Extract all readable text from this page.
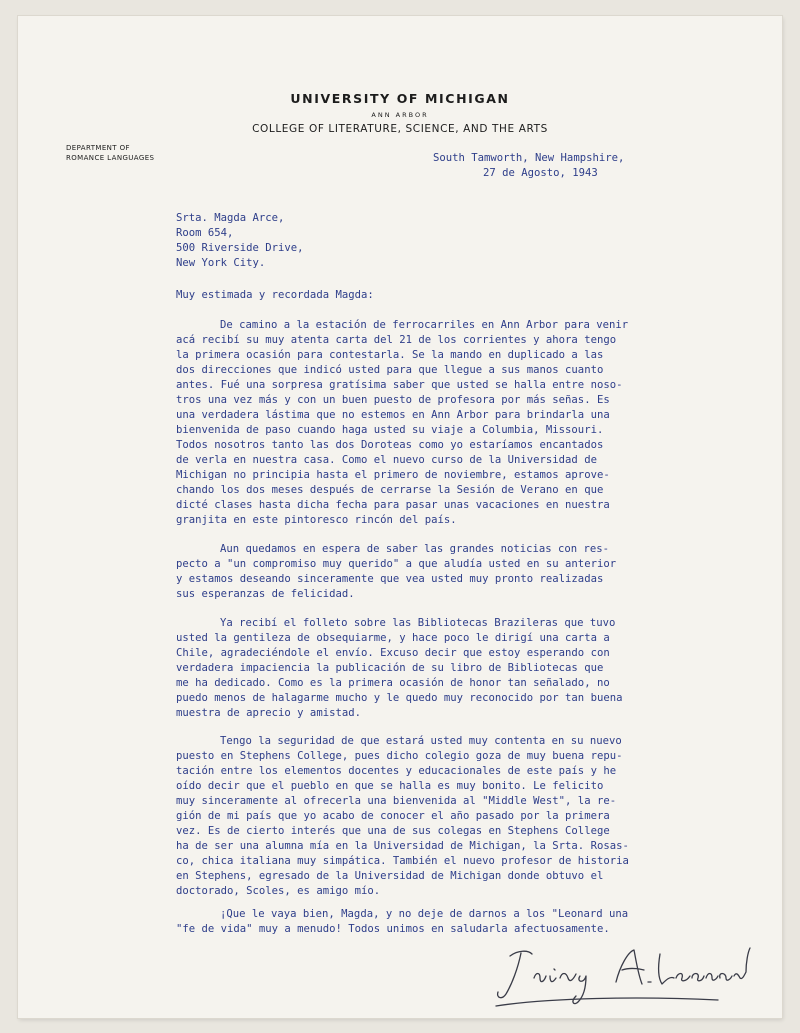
UNIVERSITY OF MICHIGAN
ANN ARBOR
COLLEGE OF LITERATURE, SCIENCE, AND THE ARTS
DEPARTMENT OF
ROMANCE LANGUAGES	South Tamworth, New Hampshire,
27 de Agosto, 1943
Srta. Magda Arce,
Room 654,
500 Riverside Drive,
New York City.
Muy estimada y recordada Magda:
De camino a la estación de ferrocarriles en Ann Arbor para venir
acá recibí su muy atenta carta del 21 de los corrientes y ahora tengo
la primera ocasión para contestarla. Se la mando en duplicado a las
dos direcciones que indicó usted para que llegue a sus manos cuanto
antes. Fué una sorpresa gratísima saber que usted se halla entre noso-
tros una vez más y con un buen puesto de profesora por más señas. Es
una verdadera lástima que no estemos en Ann Arbor para brindarla una
bienvenida de paso cuando haga usted su viaje a Columbia, Missouri.
Todos nosotros tanto las dos Doroteas como yo estaríamos encantados
de verla en nuestra casa. Como el nuevo curso de la Universidad de
Michigan no principia hasta el primero de noviembre, estamos aprove-
chando los dos meses después de cerrarse la Sesión de Verano en que
dicté clases hasta dicha fecha para pasar unas vacaciones en nuestra
granjita en este pintoresco rincón del país.
Aun quedamos en espera de saber las grandes noticias con res-
pecto a "un compromiso muy querido" a que aludía usted en su anterior
y estamos deseando sinceramente que vea usted muy pronto realizadas
sus esperanzas de felicidad.
Ya recibí el folleto sobre las Bibliotecas Brazileras que tuvo
usted la gentileza de obsequiarme, y hace poco le dirigí una carta a
Chile, agradeciéndole el envío. Excuso decir que estoy esperando con
verdadera impaciencia la publicación de su libro de Bibliotecas que
me ha dedicado. Como es la primera ocasión de honor tan señalado, no
puedo menos de halagarme mucho y le quedo muy reconocido por tan buena
muestra de aprecio y amistad.
Tengo la seguridad de que estará usted muy contenta en su nuevo
puesto en Stephens College, pues dicho colegio goza de muy buena repu-
tación entre los elementos docentes y educacionales de este país y he
oído decir que el pueblo en que se halla es muy bonito. Le felicito
muy sinceramente al ofrecerla una bienvenida al "Middle West", la re-
gión de mi país que yo acabo de conocer el año pasado por la primera
vez. Es de cierto interés que una de sus colegas en Stephens College
ha de ser una alumna mía en la Universidad de Michigan, la Srta. Rosas-
co, chica italiana muy simpática. También el nuevo profesor de historia
en Stephens, egresado de la Universidad de Michigan donde obtuvo el
doctorado, Scoles, es amigo mío.
¡Que le vaya bien, Magda, y no deje de darnos a los "Leonard una
"fe de vida" muy a menudo! Todos unimos en saludarla afectuosamente.
